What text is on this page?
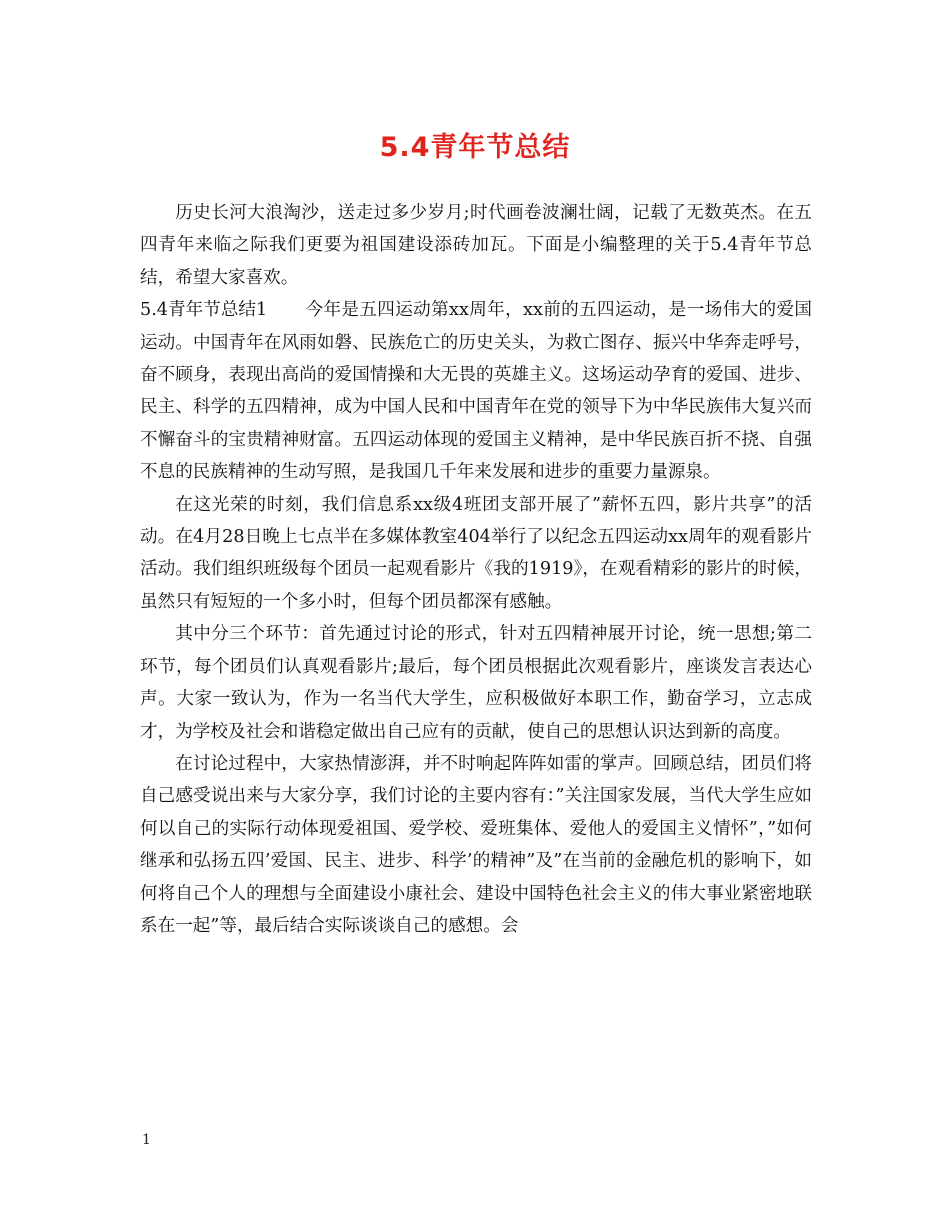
5.4青年节总结

历史长河大浪淘沙，送走过多少岁月;时代画卷波澜壮阔，记载了无数英杰。在五四青年来临之际我们更要为祖国建设添砖加瓦。下面是小编整理的关于5.4青年节总结，希望大家喜欢。

5.4青年节总结1 今年是五四运动第xx周年，xx前的五四运动，是一场伟大的爱国运动。中国青年在风雨如磐、民族危亡的历史关头，为救亡图存、振兴中华奔走呼号，奋不顾身，表现出高尚的爱国情操和大无畏的英雄主义。这场运动孕育的爱国、进步、民主、科学的五四精神，成为中国人民和中国青年在党的领导下为中华民族伟大复兴而不懈奋斗的宝贵精神财富。五四运动体现的爱国主义精神，是中华民族百折不挠、自强不息的民族精神的生动写照，是我国几千年来发展和进步的重要力量源泉。

在这光荣的时刻，我们信息系xx级4班团支部开展了”薪怀五四，影片共享”的活动。在4月28日晚上七点半在多媒体教室404举行了以纪念五四运动xx周年的观看影片活动。我们组织班级每个团员一起观看影片《我的1919》，在观看精彩的影片的时候，虽然只有短短的一个多小时，但每个团员都深有感触。

其中分三个环节：首先通过讨论的形式，针对五四精神展开讨论，统一思想;第二环节，每个团员们认真观看影片;最后，每个团员根据此次观看影片，座谈发言表达心声。大家一致认为，作为一名当代大学生，应积极做好本职工作，勤奋学习，立志成才，为学校及社会和谐稳定做出自己应有的贡献，使自己的思想认识达到新的高度。

在讨论过程中，大家热情澎湃，并不时响起阵阵如雷的掌声。回顾总结，团员们将自己感受说出来与大家分享，我们讨论的主要内容有：”关注国家发展，当代大学生应如何以自己的实际行动体现爱祖国、爱学校、爱班集体、爱他人的爱国主义情怀”，”如何继承和弘扬五四’爱国、民主、进步、科学’的精神”及”在当前的金融危机的影响下，如何将自己个人的理想与全面建设小康社会、建设中国特色社会主义的伟大事业紧密地联系在一起”等，最后结合实际谈谈自己的感想。会

1
